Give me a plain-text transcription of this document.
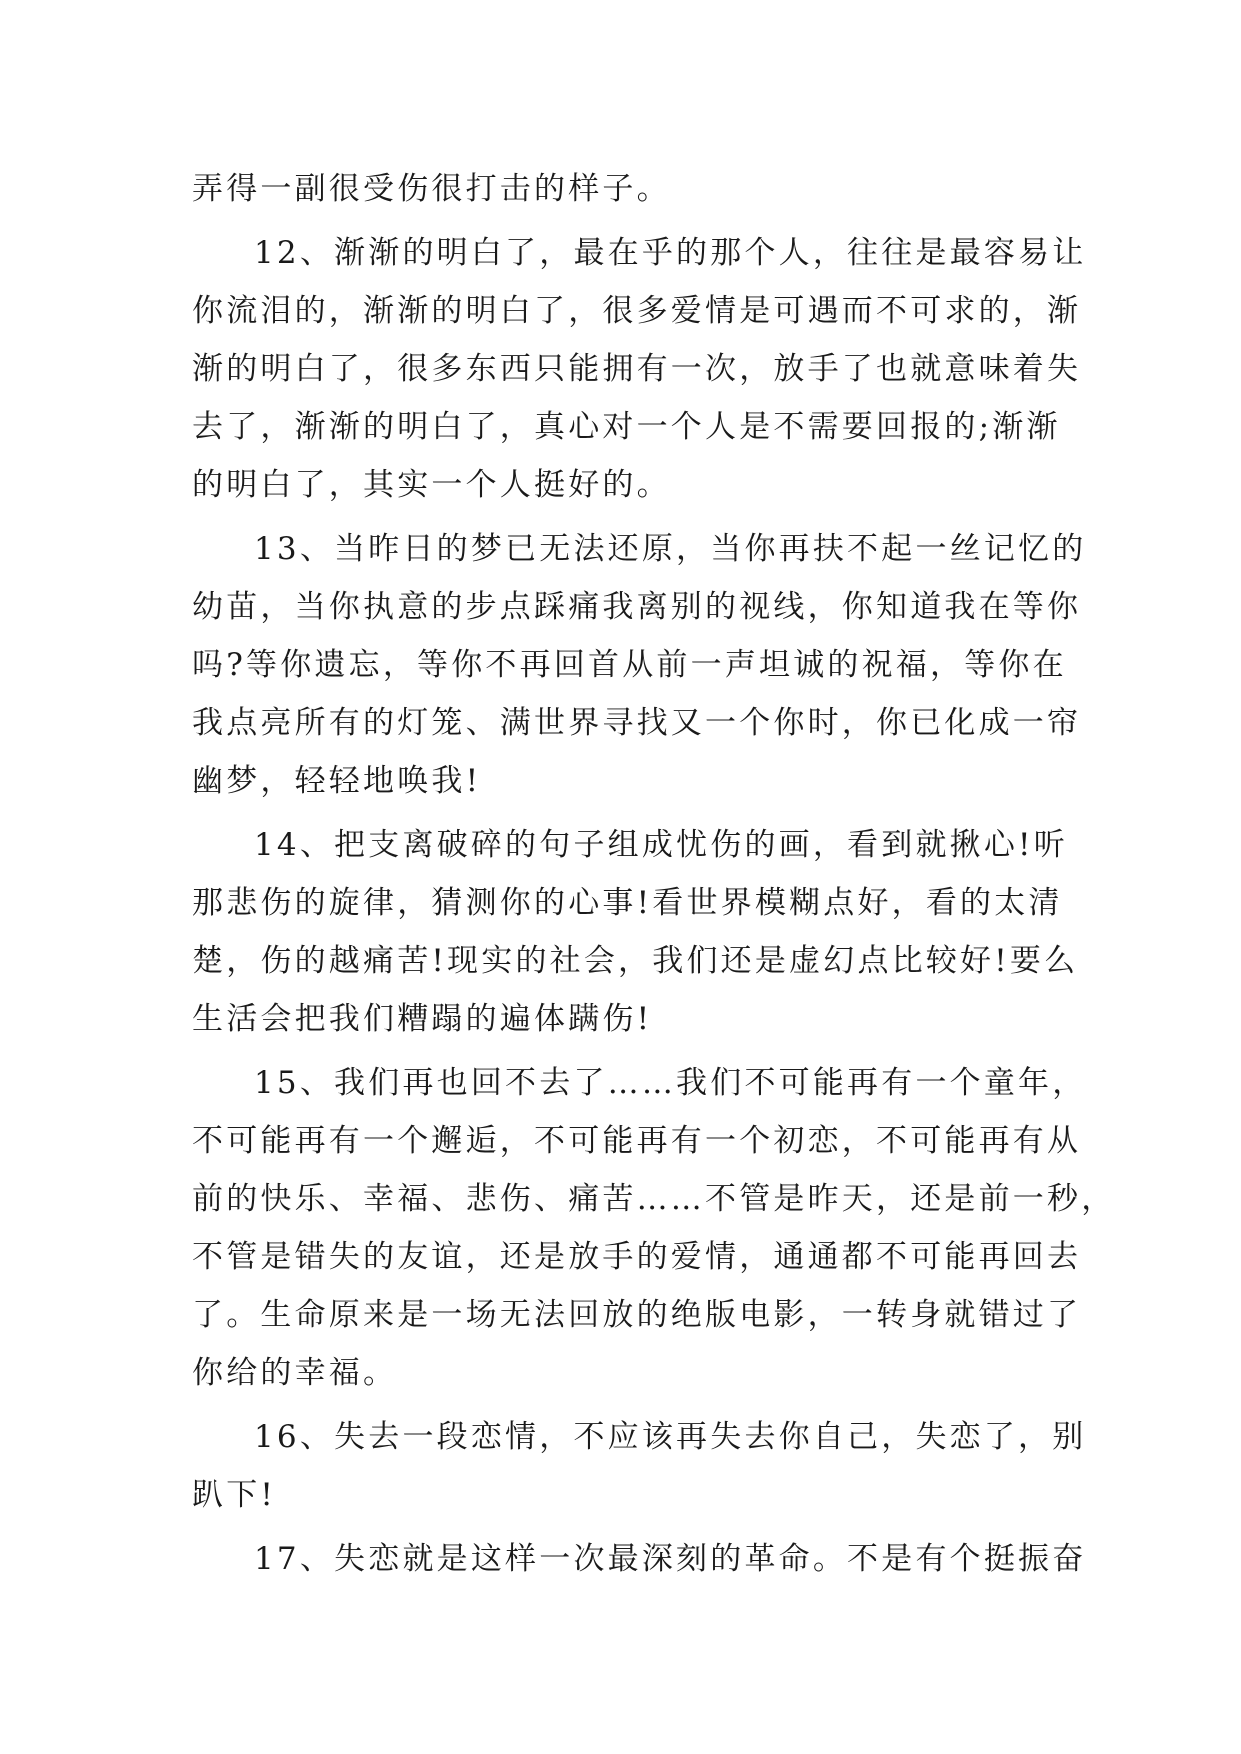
弄得一副很受伤很打击的样子。
12、渐渐的明白了，最在乎的那个人，往往是最容易让
你流泪的，渐渐的明白了，很多爱情是可遇而不可求的，渐
渐的明白了，很多东西只能拥有一次，放手了也就意味着失
去了，渐渐的明白了，真心对一个人是不需要回报的;渐渐
的明白了，其实一个人挺好的。
13、当昨日的梦已无法还原，当你再扶不起一丝记忆的
幼苗，当你执意的步点踩痛我离别的视线，你知道我在等你
吗?等你遗忘，等你不再回首从前一声坦诚的祝福，等你在
我点亮所有的灯笼、满世界寻找又一个你时，你已化成一帘
幽梦，轻轻地唤我!
14、把支离破碎的句子组成忧伤的画，看到就揪心!听
那悲伤的旋律，猜测你的心事!看世界模糊点好，看的太清
楚，伤的越痛苦!现实的社会，我们还是虚幻点比较好!要么
生活会把我们糟蹋的遍体蹒伤!
15、我们再也回不去了……我们不可能再有一个童年，
不可能再有一个邂逅，不可能再有一个初恋，不可能再有从
前的快乐、幸福、悲伤、痛苦……不管是昨天，还是前一秒，
不管是错失的友谊，还是放手的爱情，通通都不可能再回去
了。生命原来是一场无法回放的绝版电影，一转身就错过了
你给的幸福。
16、失去一段恋情，不应该再失去你自己，失恋了，别
趴下!
17、失恋就是这样一次最深刻的革命。不是有个挺振奋
